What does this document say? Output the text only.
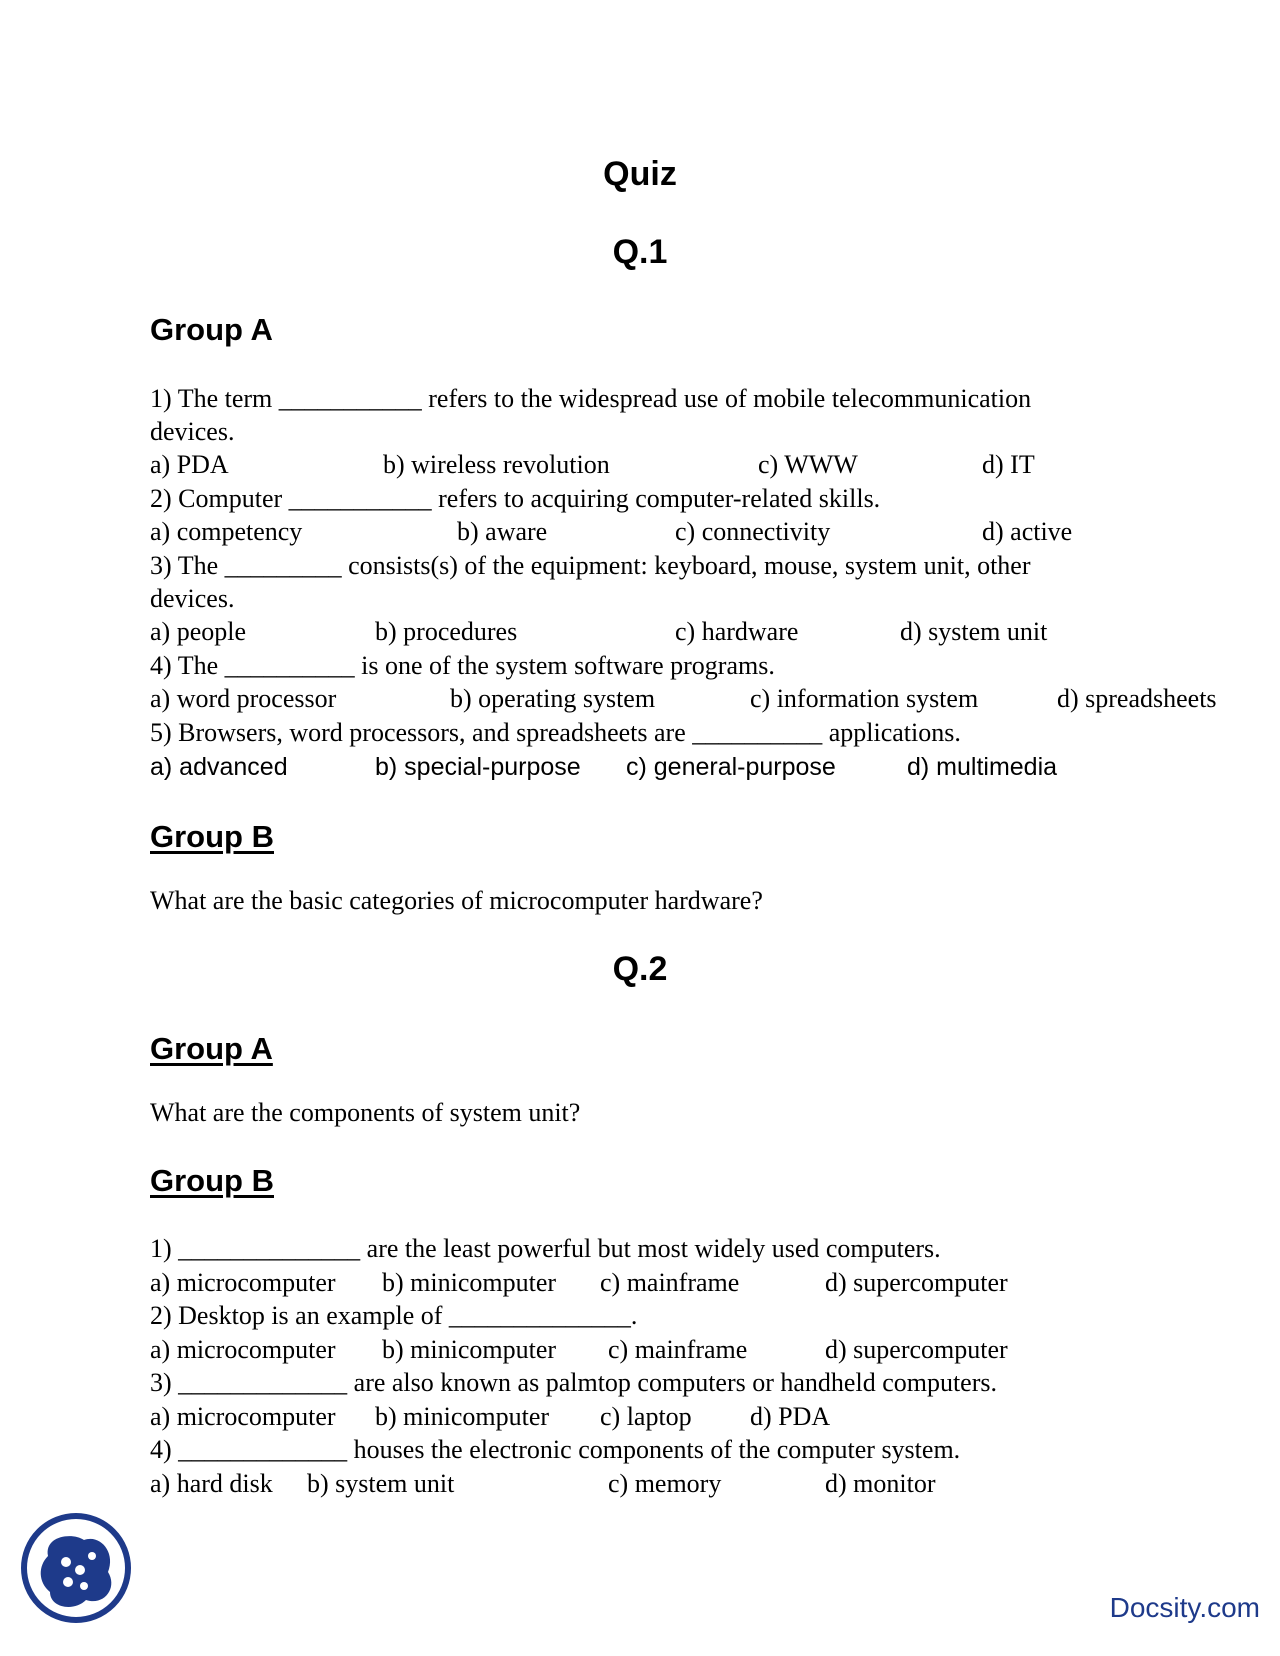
Quiz
Q.1
Group A
1) The term ___________ refers to the widespread use of mobile telecommunication
devices.
a) PDA	b) wireless revolution	c) WWW	d) IT
2) Computer ___________ refers to acquiring computer-related skills.
a) competency	b) aware	c) connectivity	d) active
3) The _________ consists(s) of the equipment: keyboard, mouse, system unit, other
devices.
a) people	b) procedures	c) hardware	d) system unit
4) The __________ is one of the system software programs.
a) word processor	b) operating system	c) information system	d) spreadsheets
5) Browsers, word processors, and spreadsheets are __________ applications.
a) advanced	b) special-purpose c) general-purpose	d) multimedia
Group B
What are the basic categories of microcomputer hardware?
Q.2
Group A
What are the components of system unit?
Group B
1) ______________ are the least powerful but most widely used computers.
a) microcomputer b) minicomputer c) mainframe	d) supercomputer
2) Desktop is an example of ______________.
a) microcomputer b) minicomputer c) mainframe	d) supercomputer
3) _____________ are also known as palmtop computers or handheld computers.
a) microcomputer b) minicomputer c) laptop d) PDA
4) _____________ houses the electronic components of the computer system.
a) hard disk b) system unit	c) memory	d) monitor
Docsity.com
